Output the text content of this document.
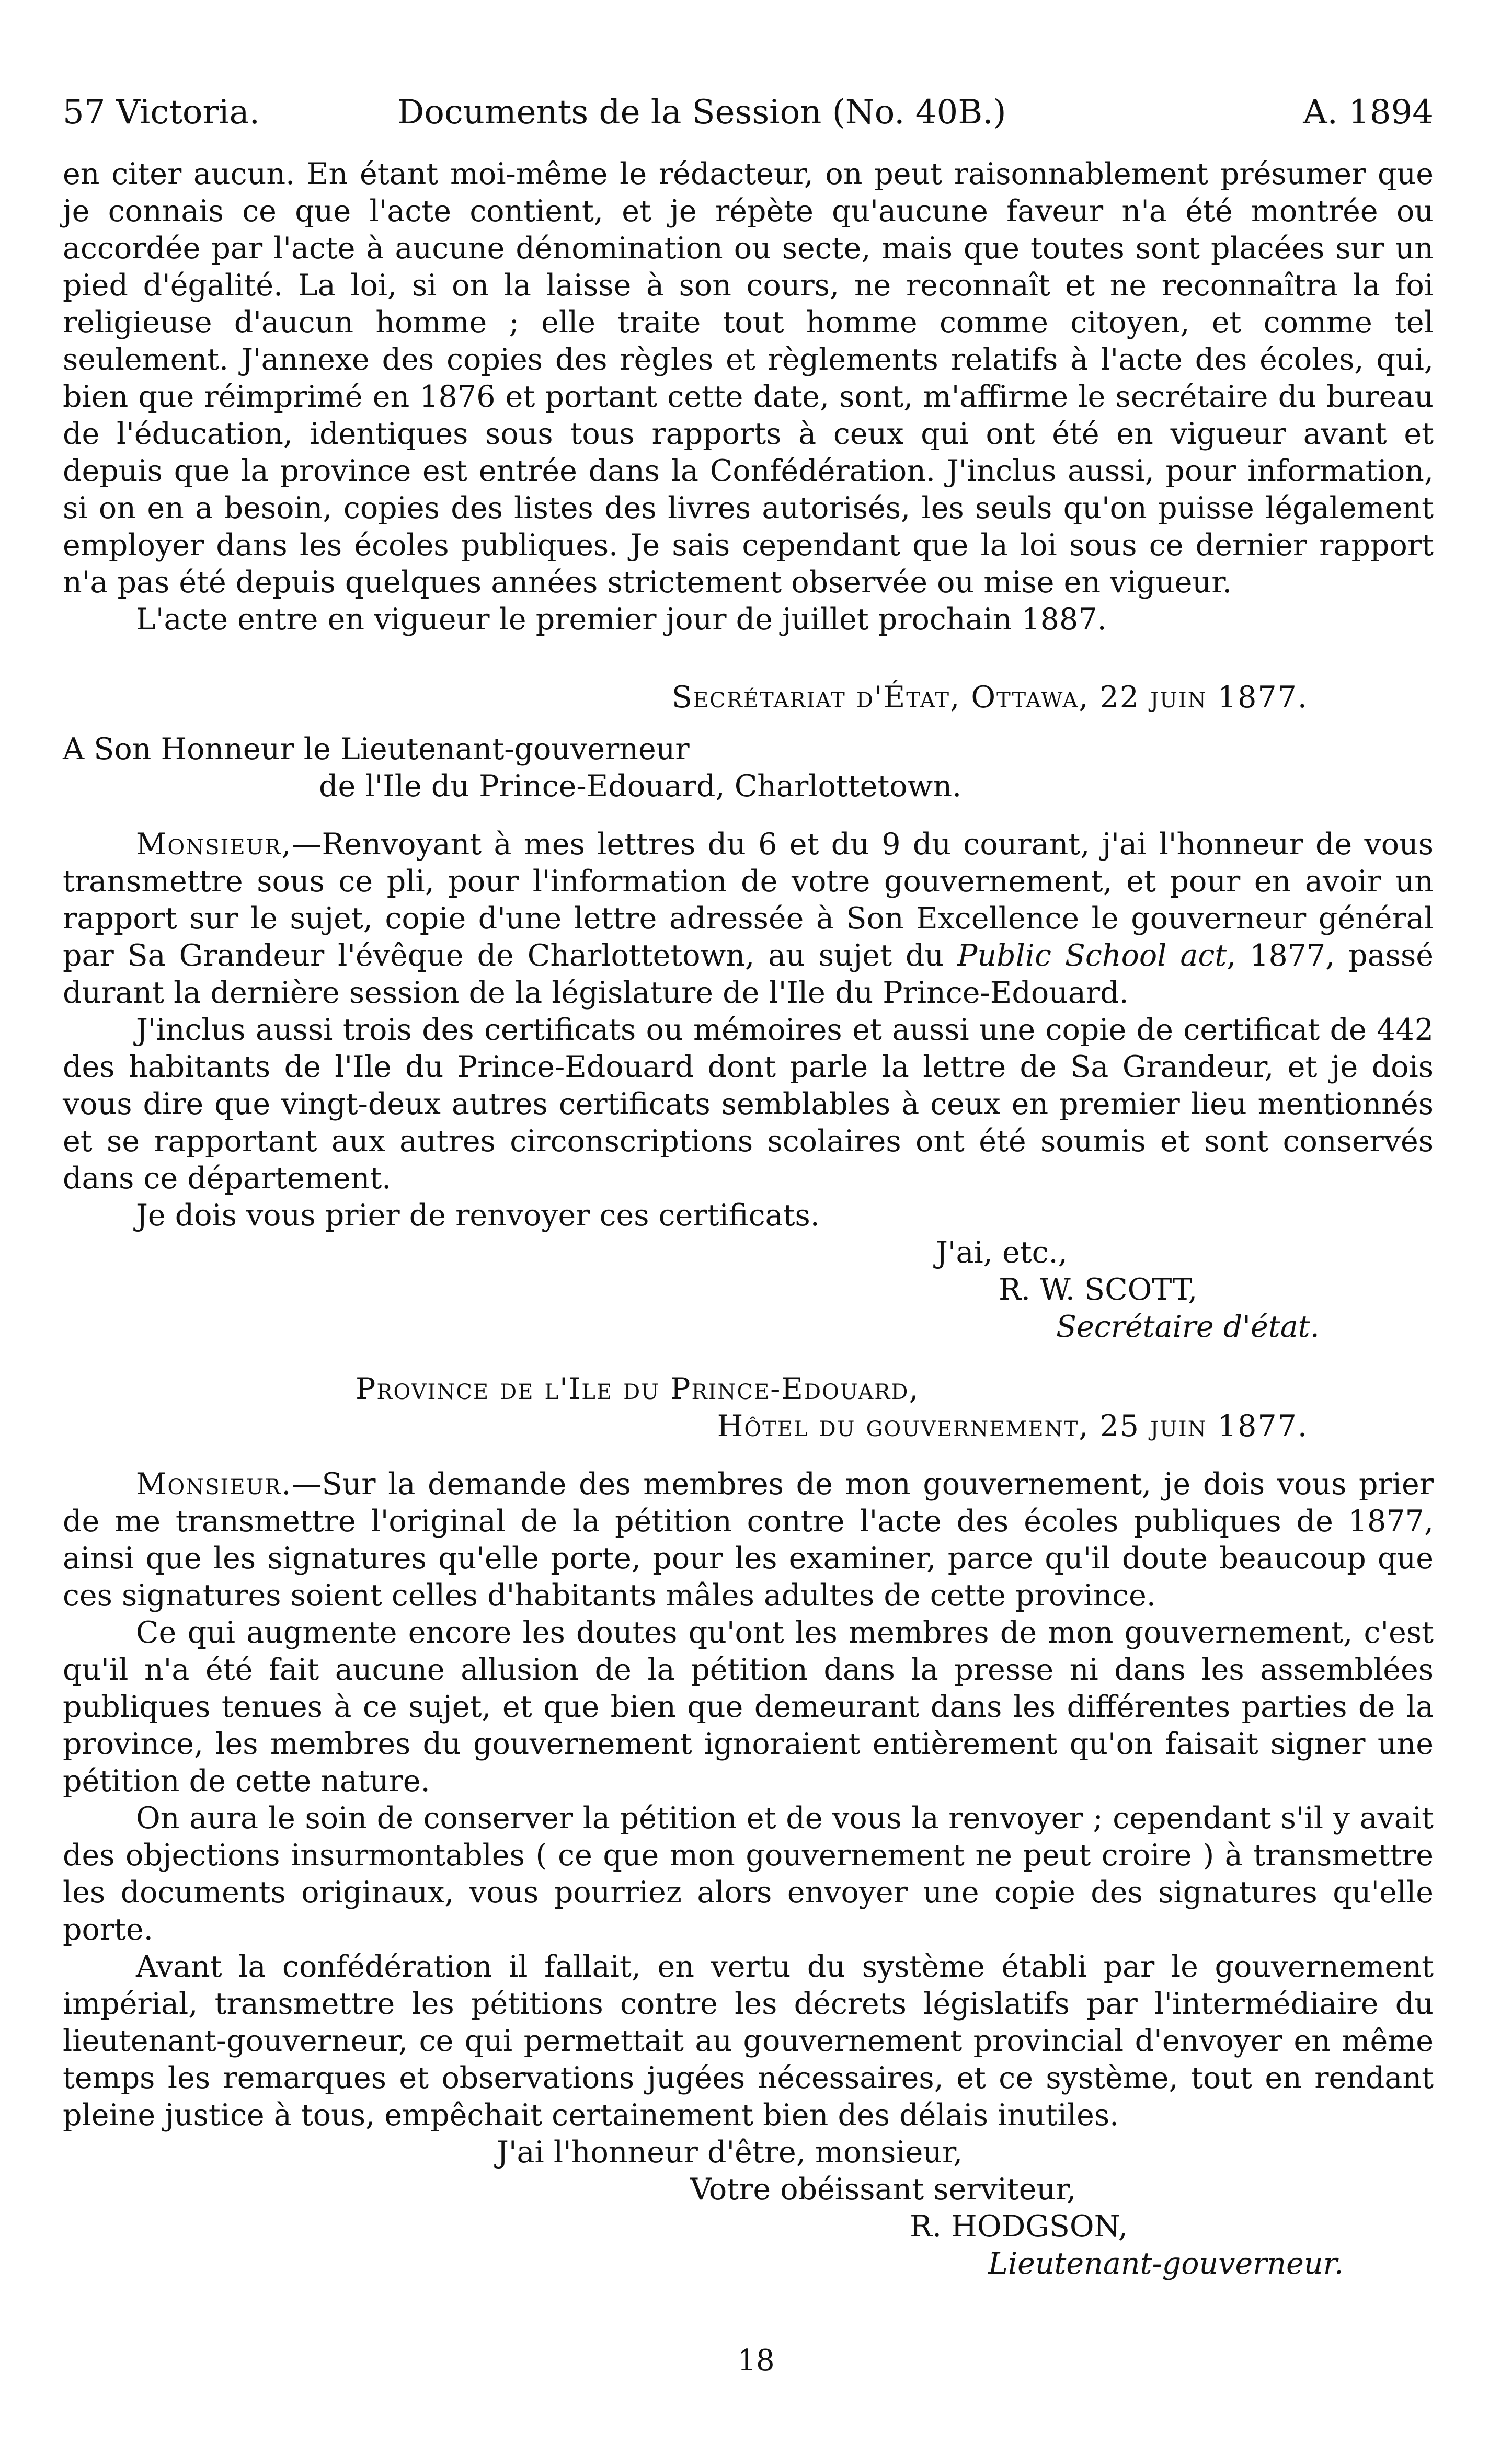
57 Victoria.	Documents de la Session (No. 40B.)	A. 1894

en citer aucun. En étant moi-même le rédacteur, on peut raisonnablement présumer que je connais ce que l'acte contient, et je répète qu'aucune faveur n'a été montrée ou accordée par l'acte à aucune dénomination ou secte, mais que toutes sont placées sur un pied d'égalité. La loi, si on la laisse à son cours, ne reconnaît et ne reconnaîtra la foi religieuse d'aucun homme ; elle traite tout homme comme citoyen, et comme tel seulement. J'annexe des copies des règles et règlements relatifs à l'acte des écoles, qui, bien que réimprimé en 1876 et portant cette date, sont, m'affirme le secrétaire du bureau de l'éducation, identiques sous tous rapports à ceux qui ont été en vigueur avant et depuis que la province est entrée dans la Confédération. J'inclus aussi, pour information, si on en a besoin, copies des listes des livres autorisés, les seuls qu'on puisse légalement employer dans les écoles publiques. Je sais cependant que la loi sous ce dernier rapport n'a pas été depuis quelques années strictement observée ou mise en vigueur.

L'acte entre en vigueur le premier jour de juillet prochain 1887.

Secrétariat d'État, Ottawa, 22 juin 1877.

A Son Honneur le Lieutenant-gouverneur

de l'Ile du Prince-Edouard, Charlottetown.

Monsieur,—Renvoyant à mes lettres du 6 et du 9 du courant, j'ai l'honneur de vous transmettre sous ce pli, pour l'information de votre gouvernement, et pour en avoir un rapport sur le sujet, copie d'une lettre adressée à Son Excellence le gouverneur général par Sa Grandeur l'évêque de Charlottetown, au sujet du Public School act, 1877, passé durant la dernière session de la législature de l'Ile du Prince-Edouard.

J'inclus aussi trois des certificats ou mémoires et aussi une copie de certificat de 442 des habitants de l'Ile du Prince-Edouard dont parle la lettre de Sa Grandeur, et je dois vous dire que vingt-deux autres certificats semblables à ceux en premier lieu mentionnés et se rapportant aux autres circonscriptions scolaires ont été soumis et sont conservés dans ce département.

Je dois vous prier de renvoyer ces certificats.

J'ai, etc.,

R. W. SCOTT,

Secrétaire d'état.

Province de l'Ile du Prince-Edouard,

Hôtel du gouvernement, 25 juin 1877.

Monsieur.—Sur la demande des membres de mon gouvernement, je dois vous prier de me transmettre l'original de la pétition contre l'acte des écoles publiques de 1877, ainsi que les signatures qu'elle porte, pour les examiner, parce qu'il doute beaucoup que ces signatures soient celles d'habitants mâles adultes de cette province.

Ce qui augmente encore les doutes qu'ont les membres de mon gouvernement, c'est qu'il n'a été fait aucune allusion de la pétition dans la presse ni dans les assemblées publiques tenues à ce sujet, et que bien que demeurant dans les différentes parties de la province, les membres du gouvernement ignoraient entièrement qu'on faisait signer une pétition de cette nature.

On aura le soin de conserver la pétition et de vous la renvoyer ; cependant s'il y avait des objections insurmontables ( ce que mon gouvernement ne peut croire ) à transmettre les documents originaux, vous pourriez alors envoyer une copie des signatures qu'elle porte.

Avant la confédération il fallait, en vertu du système établi par le gouvernement impérial, transmettre les pétitions contre les décrets législatifs par l'intermédiaire du lieutenant-gouverneur, ce qui permettait au gouvernement provincial d'envoyer en même temps les remarques et observations jugées nécessaires, et ce système, tout en rendant pleine justice à tous, empêchait certainement bien des délais inutiles.

J'ai l'honneur d'être, monsieur,

Votre obéissant serviteur,

R. HODGSON,

Lieutenant-gouverneur.

18
